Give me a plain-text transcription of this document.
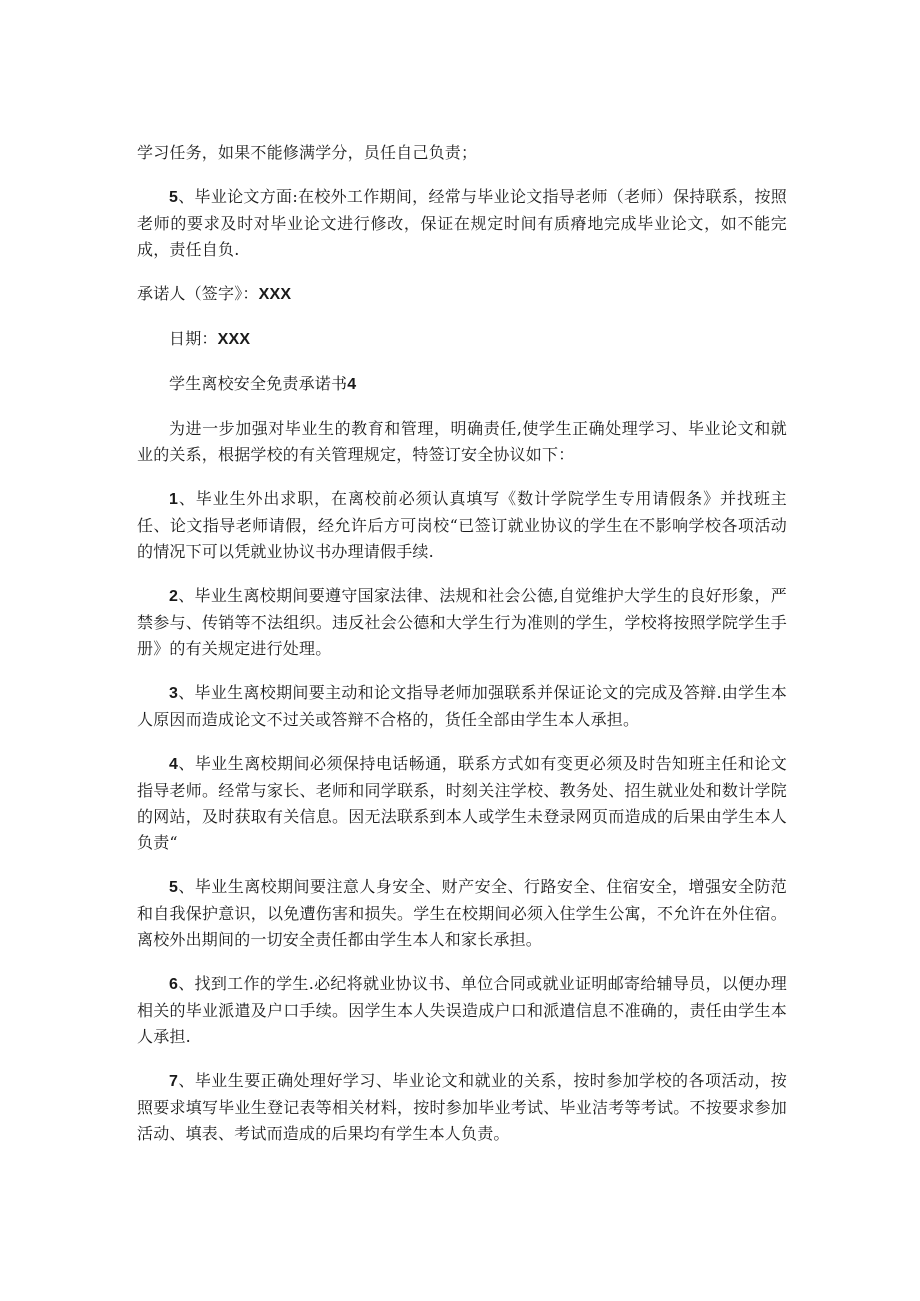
学习任务，如果不能修满学分，员任自己负责；

5、毕业论文方面:在校外工作期间，经常与毕业论文指导老师（老师）保持联系，按照老师的要求及时对毕业论文进行修改，保证在规定时间有质瘠地完成毕业论文，如不能完成，责任自负.

承诺人（签字》：XXX

日期：XXX

学生离校安全免责承诺书4

为进一步加强对毕业生的教育和管理，明确责任,使学生正确处理学习、毕业论文和就业的关系，根据学校的有关管理规定，特签订安全协议如下：

1、毕业生外出求职，在离校前必须认真填写《数计学院学生专用请假条》并找班主任、论文指导老师请假，经允许后方可岗校“已签订就业协议的学生在不影响学校各项活动的情况下可以凭就业协议书办理请假手续.

2、毕业生离校期间要遵守国家法律、法规和社会公德,自觉维护大学生的良好形象，严禁参与、传销等不法组织。违反社会公德和大学生行为准则的学生，学校将按照学院学生手册》的有关规定进行处理。

3、毕业生离校期间要主动和论文指导老师加强联系并保证论文的完成及答辩.由学生本人原因而造成论文不过关或答辩不合格的，货任全部由学生本人承担。

4、毕业生离校期间必须保持电话畅通，联系方式如有变更必须及时告知班主任和论文指导老师。经常与家长、老师和同学联系，时刻关注学校、教务处、招生就业处和数计学院的网站，及时获取有关信息。因无法联系到本人或学生未登录网页而造成的后果由学生本人负责“

5、毕业生离校期间要注意人身安全、财产安全、行路安全、住宿安全，增强安全防范和自我保护意识，以免遭伤害和损失。学生在校期间必须入住学生公寓，不允许在外住宿。离校外出期间的一切安全责任都由学生本人和家长承担。

6、找到工作的学生.必纪将就业协议书、单位合同或就业证明邮寄给辅导员，以便办理相关的毕业派遣及户口手续。因学生本人失误造成户口和派遣信息不准确的，责任由学生本人承担.

7、毕业生要正确处理好学习、毕业论文和就业的关系，按时参加学校的各项活动，按照要求填写毕业生登记表等相关材料，按时参加毕业考试、毕业洁考等考试。不按要求参加活动、填表、考试而造成的后果均有学生本人负责。
